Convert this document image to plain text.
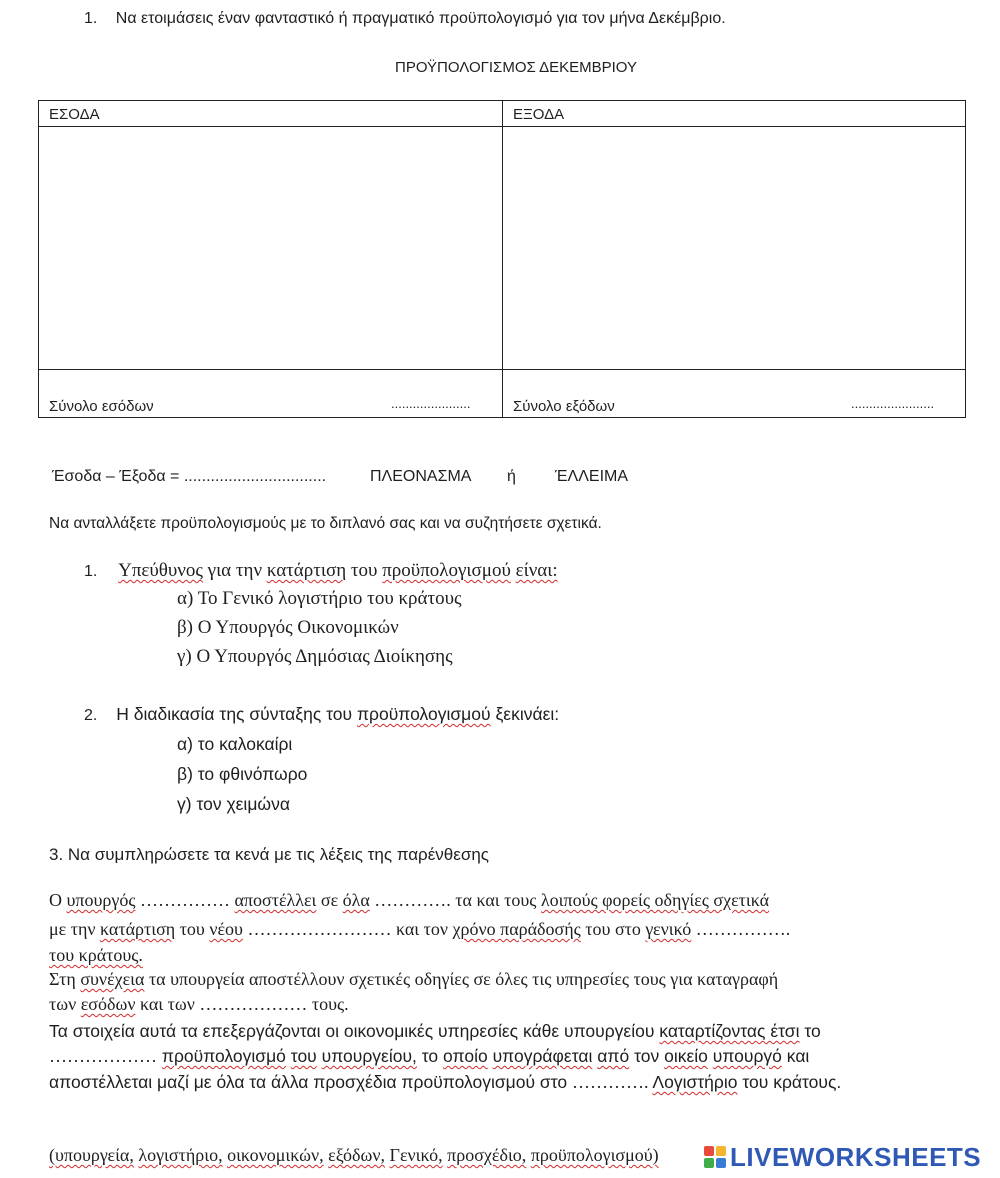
1. Να ετοιμάσεις έναν φανταστικό ή πραγματικό προϋπολογισμό για τον μήνα Δεκέμβριο.
ΠΡΟΫΠΟΛΟΓΙΣΜΟΣ ΔΕΚΕΜΒΡΙΟΥ
ΕΣΟΔΑ	ΕΞΟΔΑ
Σύνολο εσόδων	......................	Σύνολο εξόδων	.......................
Έσοδα – Έξοδα = ................................	ΠΛΕΟΝΑΣΜΑ ή ΈΛΛΕΙΜΑ
Να ανταλλάξετε προϋπολογισμούς με το διπλανό σας και να συζητήσετε σχετικά.
1. Υπεύθυνος για την κατάρτιση του προϋπολογισμού είναι:
α) Το Γενικό λογιστήριο του κράτους
β) Ο Υπουργός Οικονομικών
γ) Ο Υπουργός Δημόσιας Διοίκησης
2. Η διαδικασία της σύνταξης του προϋπολογισμού ξεκινάει:
α) το καλοκαίρι
β) το φθινόπωρο
γ) τον χειμώνα
3. Να συμπληρώσετε τα κενά με τις λέξεις της παρένθεσης
Ο υπουργός …………… αποστέλλει σε όλα …………. τα και τους λοιπούς φορείς οδηγίες σχετικά
με την κατάρτιση του νέου …………………… και τον χρόνο παράδοσής του στο γενικό …………….
του κράτους.
Στη συνέχεια τα υπουργεία αποστέλλουν σχετικές οδηγίες σε όλες τις υπηρεσίες τους για καταγραφή
των εσόδων και των ……………… τους.
Τα στοιχεία αυτά τα επεξεργάζονται οι οικονομικές υπηρεσίες κάθε υπουργείου καταρτίζοντας έτσι το
……………… προϋπολογισμό του υπουργείου, το οποίο υπογράφεται από τον οικείο υπουργό και
αποστέλλεται μαζί με όλα τα άλλα προσχέδια προϋπολογισμού στο …………. Λογιστήριο του κράτους.
(υπουργεία, λογιστήριο, οικονομικών, εξόδων, Γενικό, προσχέδιο, προϋπολογισμού)	LIVEWORKSHEETS
